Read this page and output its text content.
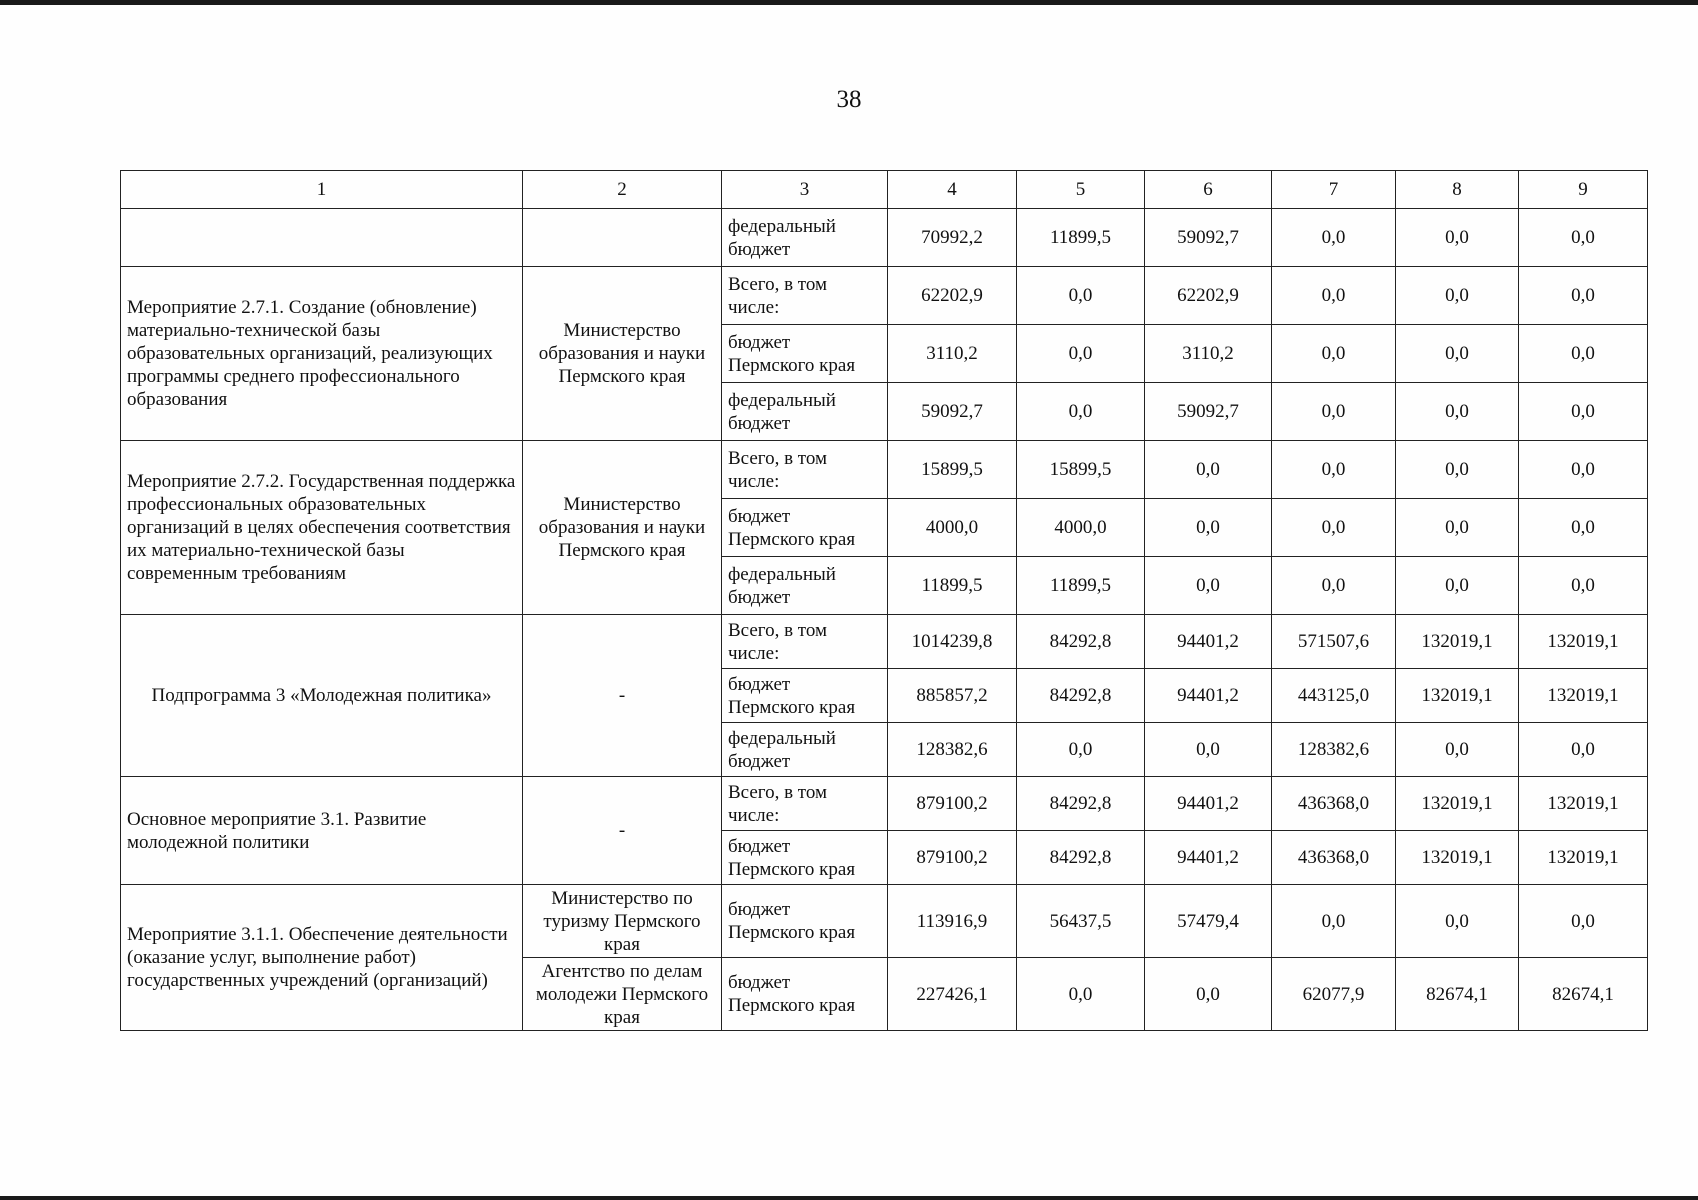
38
1	2	3	4	5	6	7	8	9
		федеральный бюджет	70992,2	11899,5	59092,7	0,0	0,0	0,0
Мероприятие 2.7.1. Создание (обновление) материально-технической базы образовательных организаций, реализующих программы среднего профессионального образования	Министерство образования и науки Пермского края	Всего, в том числе:	62202,9	0,0	62202,9	0,0	0,0	0,0
		бюджет Пермского края	3110,2	0,0	3110,2	0,0	0,0	0,0
		федеральный бюджет	59092,7	0,0	59092,7	0,0	0,0	0,0
Мероприятие 2.7.2. Государственная поддержка профессиональных образовательных организаций в целях обеспечения соответствия их материально-технической базы современным требованиям	Министерство образования и науки Пермского края	Всего, в том числе:	15899,5	15899,5	0,0	0,0	0,0	0,0
		бюджет Пермского края	4000,0	4000,0	0,0	0,0	0,0	0,0
		федеральный бюджет	11899,5	11899,5	0,0	0,0	0,0	0,0
Подпрограмма 3 «Молодежная политика»	-	Всего, в том числе:	1014239,8	84292,8	94401,2	571507,6	132019,1	132019,1
		бюджет Пермского края	885857,2	84292,8	94401,2	443125,0	132019,1	132019,1
		федеральный бюджет	128382,6	0,0	0,0	128382,6	0,0	0,0
Основное мероприятие 3.1. Развитие молодежной политики	-	Всего, в том числе:	879100,2	84292,8	94401,2	436368,0	132019,1	132019,1
		бюджет Пермского края	879100,2	84292,8	94401,2	436368,0	132019,1	132019,1
Мероприятие 3.1.1. Обеспечение деятельности (оказание услуг, выполнение работ) государственных учреждений (организаций)	Министерство по туризму Пермского края	бюджет Пермского края	113916,9	56437,5	57479,4	0,0	0,0	0,0
	Агентство по делам молодежи Пермского края	бюджет Пермского края	227426,1	0,0	0,0	62077,9	82674,1	82674,1
